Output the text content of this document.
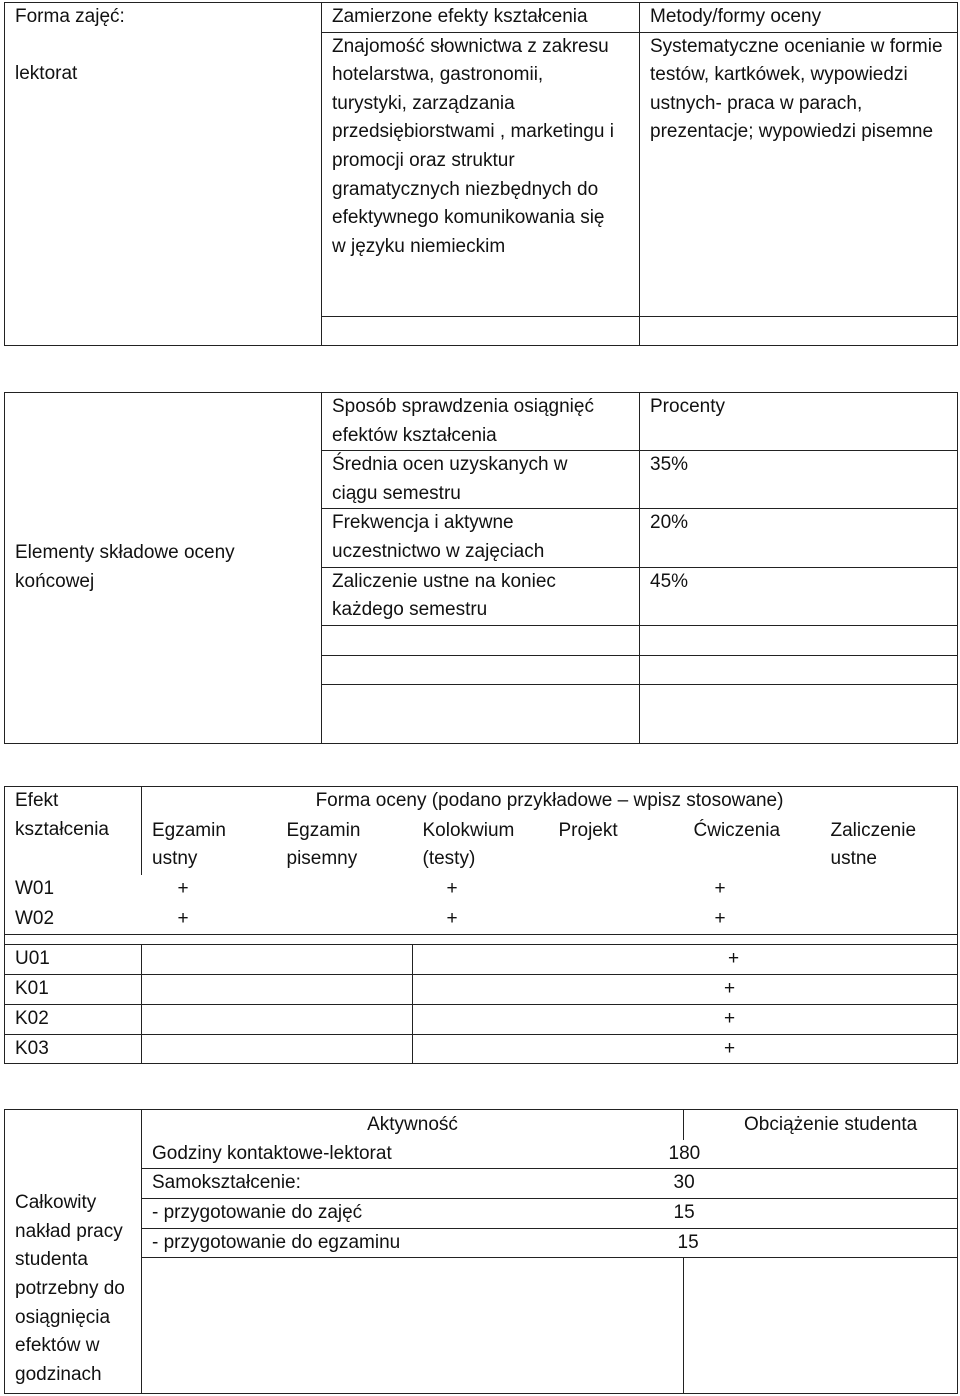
Forma zajęć:
lektorat	Zamierzone efekty kształcenia	Metody/formy oceny
	Znajomość słownictwa z zakresu hotelarstwa, gastronomii, turystyki, zarządzania przedsiębiorstwami , marketingu i promocji oraz struktur gramatycznych niezbędnych do efektywnego komunikowania się w języku niemieckim	Systematyczne ocenianie w formie testów, kartkówek, wypowiedzi ustnych- praca w parach, prezentacje; wypowiedzi pisemne

Elementy składowe oceny końcowej	Sposób sprawdzenia osiągnięć efektów kształcenia	Procenty
	Średnia ocen uzyskanych w ciągu semestru	35%
	Frekwencja i aktywne uczestnictwo w zajęciach	20%
	Zaliczenie ustne na koniec każdego semestru	45%

Efekt kształcenia	Forma oceny (podano przykładowe – wpisz stosowane)					
	Egzamin ustny	Egzamin pisemny	Kolokwium (testy)	Projekt	Ćwiczenia	Zaliczenie ustne
W01	+		+		+	
W02	+		+		+	

U01			+			
K01			+			
K02			+			
K03			+			
Całkowity nakład pracy studenta potrzebny do osiągnięcia efektów w godzinach	Aktywność	Obciążenie studenta
	Godziny kontaktowe-lektorat	180
	Samokształcenie:	30
	- przygotowanie do zajęć	15
	- przygotowanie do egzaminu	15
